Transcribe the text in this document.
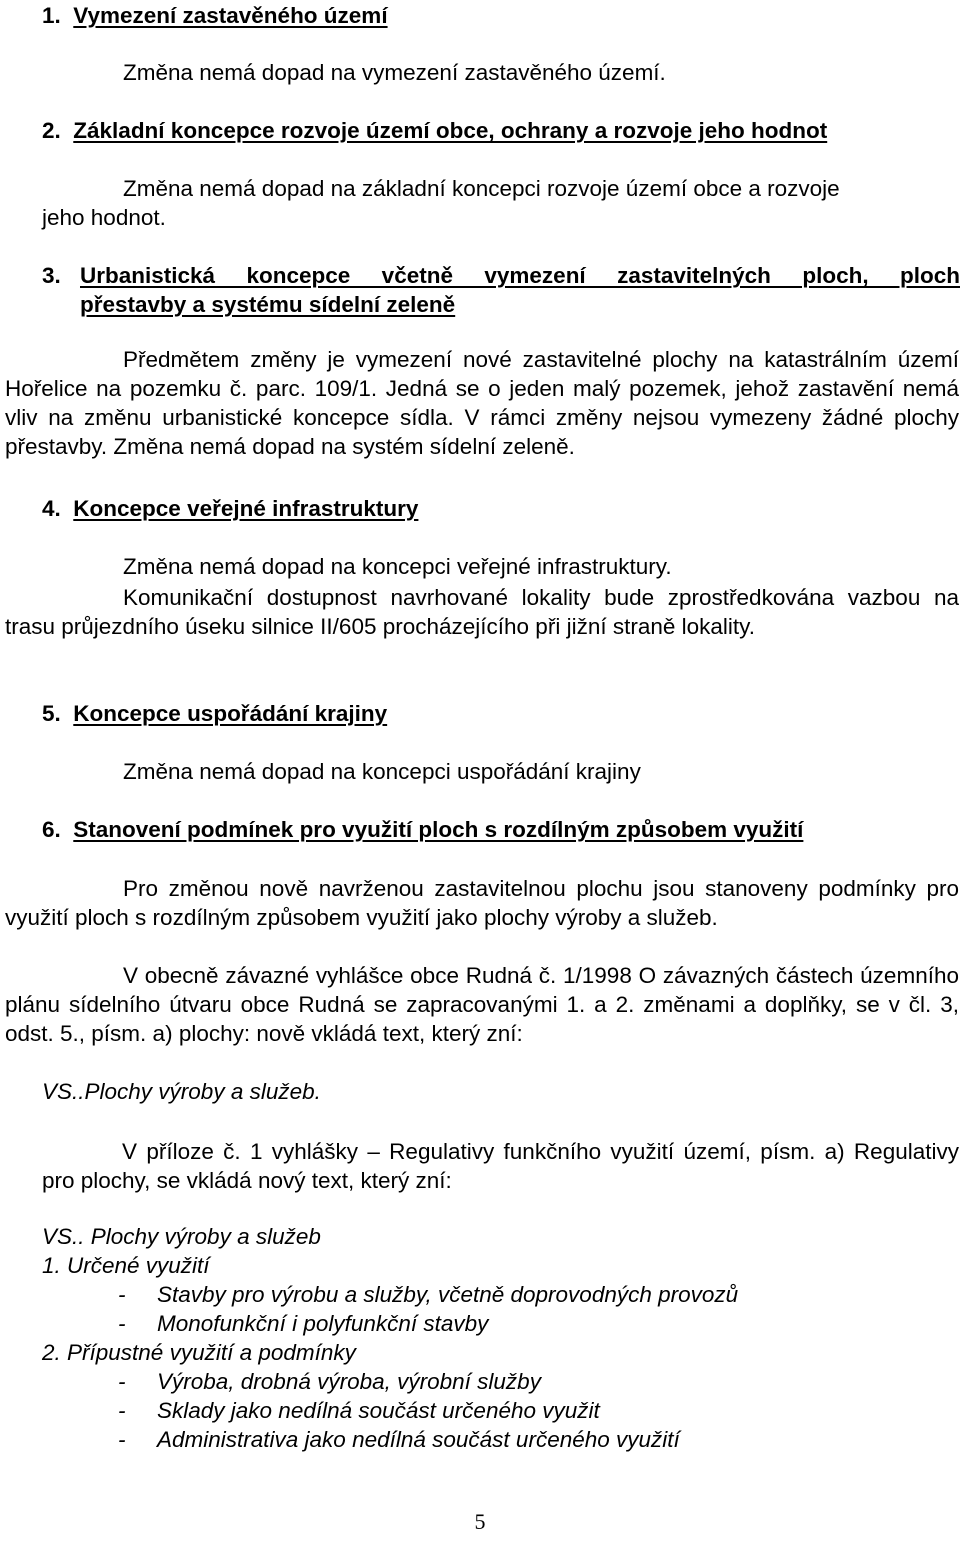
1. Vymezení zastavěného území
Změna nemá dopad na vymezení zastavěného území.
2. Základní koncepce rozvoje území obce, ochrany a rozvoje jeho hodnot
Změna nemá dopad na základní koncepci rozvoje území obce a rozvoje
jeho hodnot.
3. Urbanistická koncepce včetně vymezení zastavitelných ploch, ploch
přestavby a systému sídelní zeleně
Předmětem změny je vymezení nové zastavitelné plochy na katastrálním území Hořelice na pozemku č. parc. 109/1. Jedná se o jeden malý pozemek, jehož zastavění nemá vliv na změnu urbanistické koncepce sídla. V rámci změny nejsou vymezeny žádné plochy přestavby. Změna nemá dopad na systém sídelní zeleně.
4. Koncepce veřejné infrastruktury
Změna nemá dopad na koncepci veřejné infrastruktury.
Komunikační dostupnost navrhované lokality bude zprostředkována vazbou na trasu průjezdního úseku silnice II/605 procházejícího při jižní straně lokality.
5. Koncepce uspořádání krajiny
Změna nemá dopad na koncepci uspořádání krajiny
6. Stanovení podmínek pro využití ploch s rozdílným způsobem využití
Pro změnou nově navrženou zastavitelnou plochu jsou stanoveny podmínky pro využití ploch s rozdílným způsobem využití jako plochy výroby a služeb.
V obecně závazné vyhlášce obce Rudná č. 1/1998 O závazných částech územního plánu sídelního útvaru obce Rudná se zapracovanými 1. a 2. změnami a doplňky, se v čl. 3, odst. 5., písm. a) plochy: nově vkládá text, který zní:
VS..Plochy výroby a služeb.
V příloze č. 1 vyhlášky – Regulativy funkčního využití území, písm. a) Regulativy pro plochy, se vkládá nový text, který zní:
VS.. Plochy výroby a služeb
1. Určené využití
- Stavby pro výrobu a služby, včetně doprovodných provozů
- Monofunkční i polyfunkční stavby
2. Přípustné využití a podmínky
- Výroba, drobná výroba, výrobní služby
- Sklady jako nedílná součást určeného využit
- Administrativa jako nedílná součást určeného využití
5
